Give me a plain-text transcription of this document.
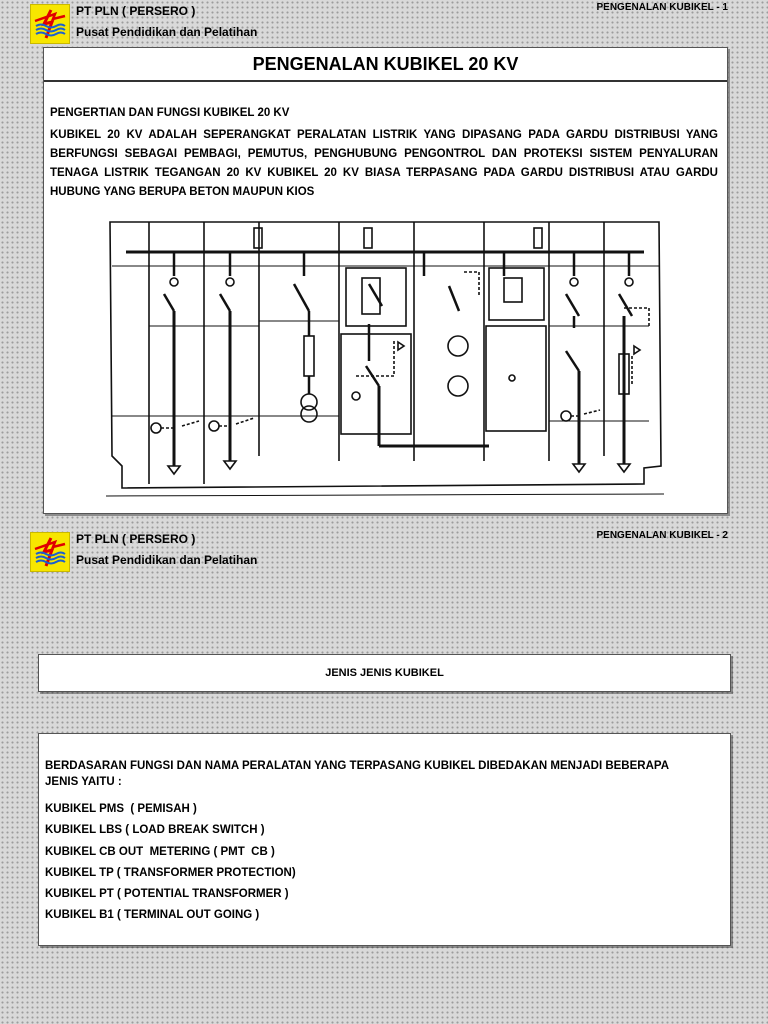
PT PLN ( PERSERO )
Pusat Pendidikan dan Pelatihan
PENGENALAN KUBIKEL - 1
PENGENALAN KUBIKEL 20 KV
PENGERTIAN DAN FUNGSI KUBIKEL 20 KV

KUBIKEL 20 KV ADALAH SEPERANGKAT PERALATAN LISTRIK YANG DIPASANG PADA GARDU DISTRIBUSI YANG BERFUNGSI SEBAGAI PEMBAGI, PEMUTUS, PENGHUBUNG PENGONTROL DAN PROTEKSI SISTEM PENYALURAN TENAGA LISTRIK TEGANGAN 20 KV KUBIKEL 20 KV BIASA TERPASANG PADA GARDU DISTRIBUSI ATAU GARDU HUBUNG YANG BERUPA BETON MAUPUN KIOS

PT PLN ( PERSERO )
Pusat Pendidikan dan Pelatihan
PENGENALAN KUBIKEL - 2
JENIS JENIS KUBIKEL

BERDASARAN FUNGSI DAN NAMA PERALATAN YANG TERPASANG KUBIKEL DIBEDAKAN MENJADI BEBERAPA JENIS YAITU :

KUBIKEL PMS  ( PEMISAH )
KUBIKEL LBS ( LOAD BREAK SWITCH )
KUBIKEL CB OUT  METERING ( PMT  CB )
KUBIKEL TP ( TRANSFORMER PROTECTION)
KUBIKEL PT ( POTENTIAL TRANSFORMER )
KUBIKEL B1 ( TERMINAL OUT GOING )
